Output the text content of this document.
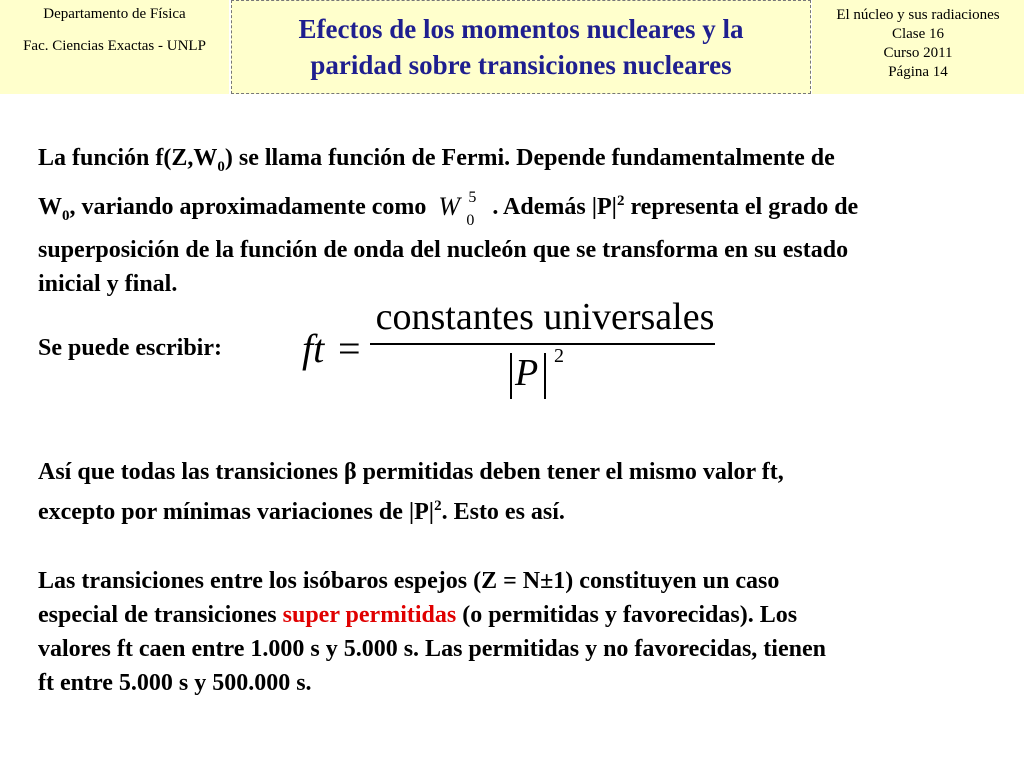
Departamento de Física
Fac. Ciencias Exactas - UNLP
Efectos de los momentos nucleares y la
paridad sobre transiciones nucleares
El núcleo y sus radiaciones
Clase 16
Curso 2011
Página 14
La función $f(Z,W_0)$ se llama función de Fermi. Depende fundamentalmente de
$W_0$, variando aproximadamente como W 5
0
. Además $|P|^2$ representa el grado de
superposición de la función de onda del nucleón que se transforma en su estado
inicial y final.
Se puede escribir:	ft =
constantes universales
P 2
Así que todas las transiciones β permitidas deben tener el mismo valor ft,
excepto por mínimas variaciones de $|P|^2$. Esto es así.
Las transiciones entre los isóbaros espejos (Z = N±1) constituyen un caso
especial de transiciones super permitidas (o permitidas y favorecidas). Los
valores ft caen entre 1.000 s y 5.000 s. Las permitidas y no favorecidas, tienen
ft entre 5.000 s y 500.000 s.
